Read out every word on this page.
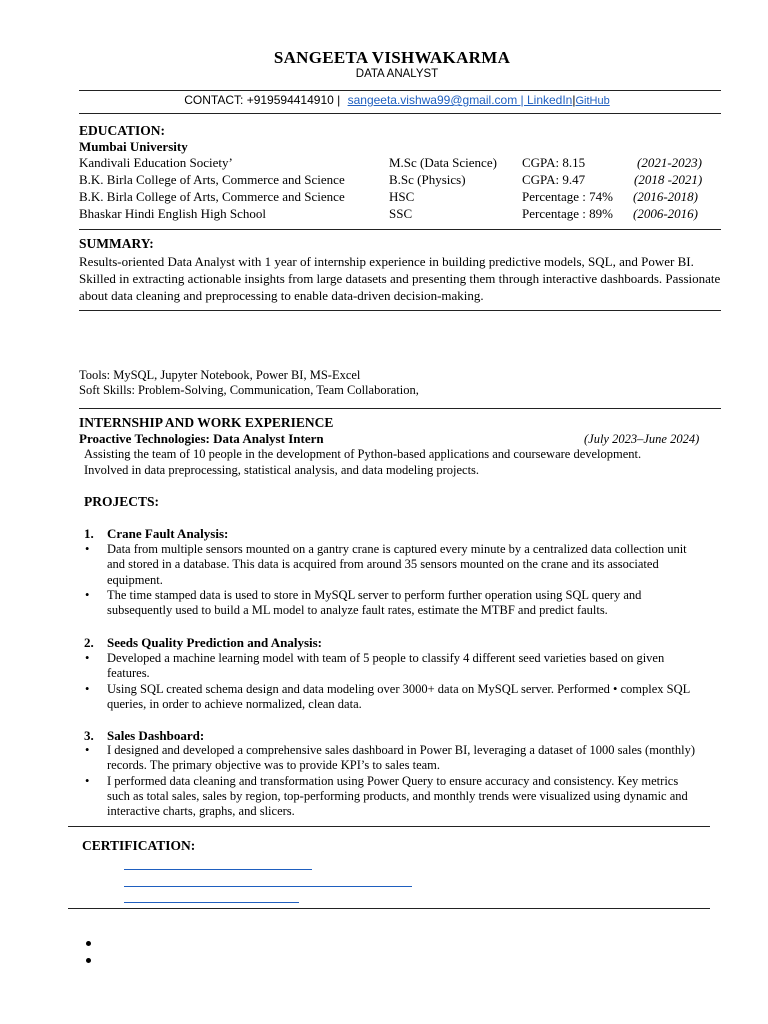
SANGEETA VISHWAKARMA
DATA ANALYST
CONTACT: +919594414910 | sangeeta.vishwa99@gmail.com | LinkedIn|GitHub
EDUCATION:
Mumbai University
Kandivali Education Society’	M.Sc (Data Science) CGPA: 8.15	(2021-2023)
B.K. Birla College of Arts, Commerce and Science	B.Sc (Physics)	CGPA: 9.47	(2018 -2021)
B.K. Birla College of Arts, Commerce and Science	HSC	Percentage : 74% (2016-2018)
Bhaskar Hindi English High School	SSC	Percentage : 89% (2006-2016)
SUMMARY:
Results-oriented Data Analyst with 1 year of internship experience in building predictive models, SQL, and Power BI. Skilled in extracting actionable insights from large datasets and presenting them through interactive dashboards. Passionate about data cleaning and preprocessing to enable data-driven decision-making.
Tools: MySQL, Jupyter Notebook, Power BI, MS-Excel
Soft Skills: Problem-Solving, Communication, Team Collaboration,
INTERNSHIP AND WORK EXPERIENCE
Proactive Technologies: Data Analyst Intern	(July 2023–June 2024)
Assisting the team of 10 people in the development of Python-based applications and courseware development.
Involved in data preprocessing, statistical analysis, and data modeling projects.
PROJECTS:
1. Crane Fault Analysis:
• Data from multiple sensors mounted on a gantry crane is captured every minute by a centralized data collection unit and stored in a database. This data is acquired from around 35 sensors mounted on the crane and its associated equipment.
• The time stamped data is used to store in MySQL server to perform further operation using SQL query and subsequently used to build a ML model to analyze fault rates, estimate the MTBF and predict faults.
2. Seeds Quality Prediction and Analysis:
• Developed a machine learning model with team of 5 people to classify 4 different seed varieties based on given features.
• Using SQL created schema design and data modeling over 3000+ data on MySQL server. Performed • complex SQL queries, in order to achieve normalized, clean data.
3. Sales Dashboard:
• I designed and developed a comprehensive sales dashboard in Power BI, leveraging a dataset of 1000 sales (monthly) records. The primary objective was to provide KPI’s to sales team.
• I performed data cleaning and transformation using Power Query to ensure accuracy and consistency. Key metrics such as total sales, sales by region, top-performing products, and monthly trends were visualized using dynamic and interactive charts, graphs, and slicers.
CERTIFICATION:
